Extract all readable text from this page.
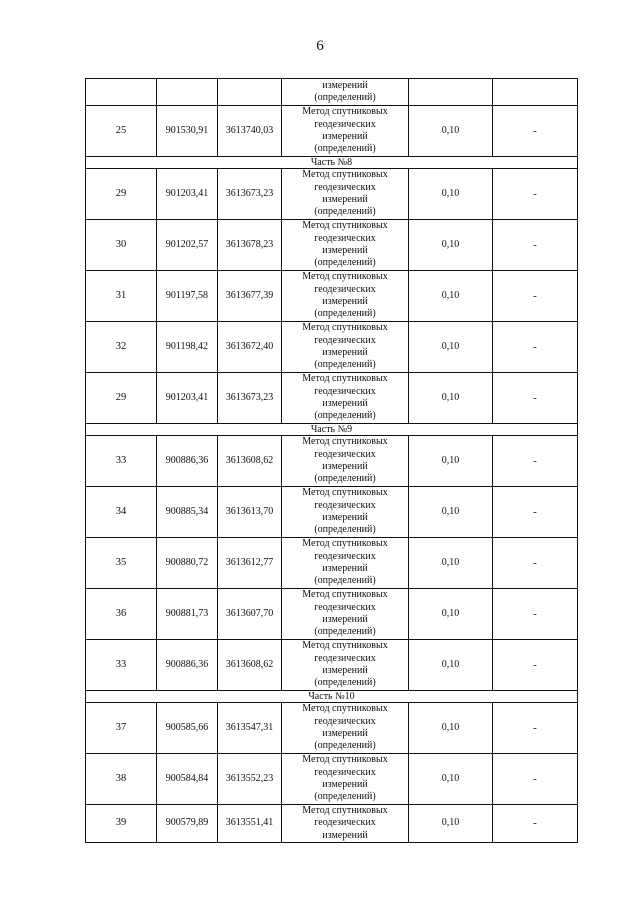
6

			измерений
(определений)		

25	901530,91	3613740,03	Метод спутниковых
геодезических
измерений
(определений)	0,10	-
Часть №8					
29	901203,41	3613673,23	Метод спутниковых
геодезических
измерений
(определений)	0,10	-
30	901202,57	3613678,23	Метод спутниковых
геодезических
измерений
(определений)	0,10	-
31	901197,58	3613677,39	Метод спутниковых
геодезических
измерений
(определений)	0,10	-
32	901198,42	3613672,40	Метод спутниковых
геодезических
измерений
(определений)	0,10	-
29	901203,41	3613673,23	Метод спутниковых
геодезических
измерений
(определений)	0,10	-
Часть №9					
33	900886,36	3613608,62	Метод спутниковых
геодезических
измерений
(определений)	0,10	-
34	900885,34	3613613,70	Метод спутниковых
геодезических
измерений
(определений)	0,10	-
35	900880,72	3613612,77	Метод спутниковых
геодезических
измерений
(определений)	0,10	-
36	900881,73	3613607,70	Метод спутниковых
геодезических
измерений
(определений)	0,10	-
33	900886,36	3613608,62	Метод спутниковых
геодезических
измерений
(определений)	0,10	-
Часть №10					
37	900585,66	3613547,31	Метод спутниковых
геодезических
измерений
(определений)	0,10	-
38	900584,84	3613552,23	Метод спутниковых
геодезических
измерений
(определений)	0,10	-
39	900579,89	3613551,41	Метод спутниковых
геодезических
измерений	0,10	-
